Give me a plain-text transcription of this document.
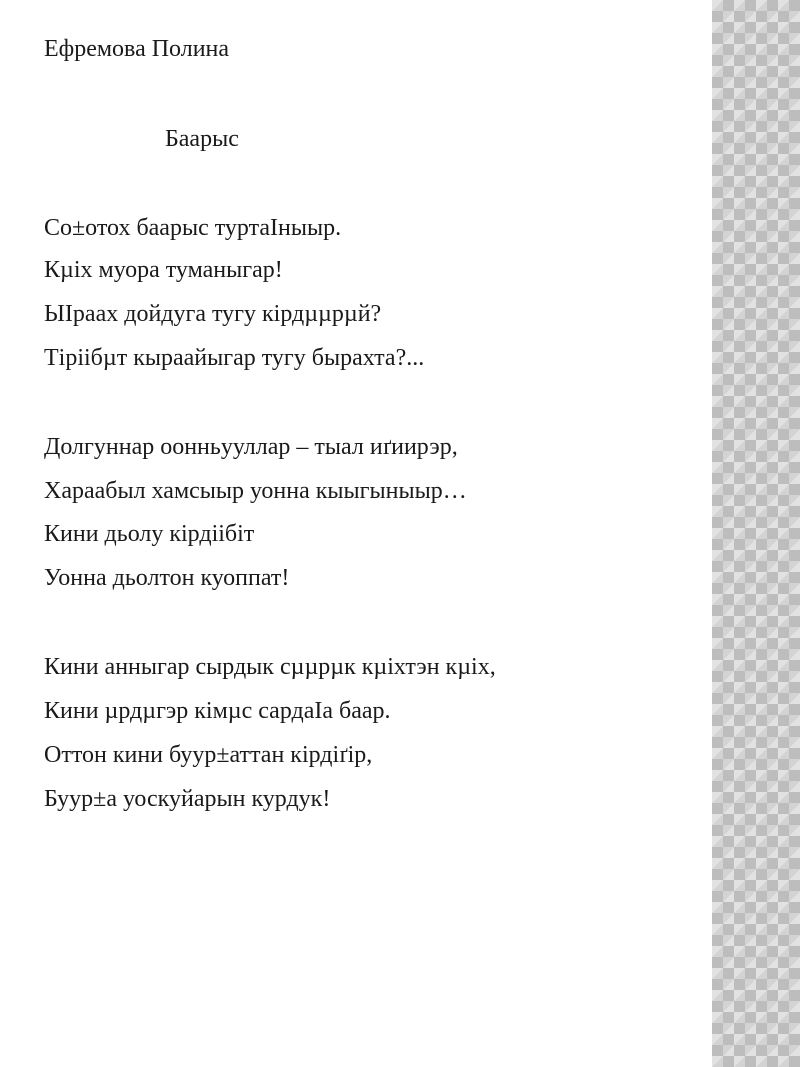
Ефремова Полина

Баарыс

Со±отох баарыс туртаІныыр.

Кµіх муора туманыгар!

ЫІраах дойдуга тугу кірдµµрµй?

Тіріібµт кыраайыгар тугу бырахта?...

Долгуннар оонньууллар – тыал иґиирэр,

Хараабыл хамсыыр уонна кыыгыныыр…

Кини дьолу кірдіібіт

Уонна дьолтон куоппат!

Кини анныгар сырдык сµµрµк кµіхтэн кµіх,

Кини µрдµгэр кімµс сардаІа баар.

Оттон кини буур±аттан кірдіґір,

Буур±а уоскуйарын курдук!
